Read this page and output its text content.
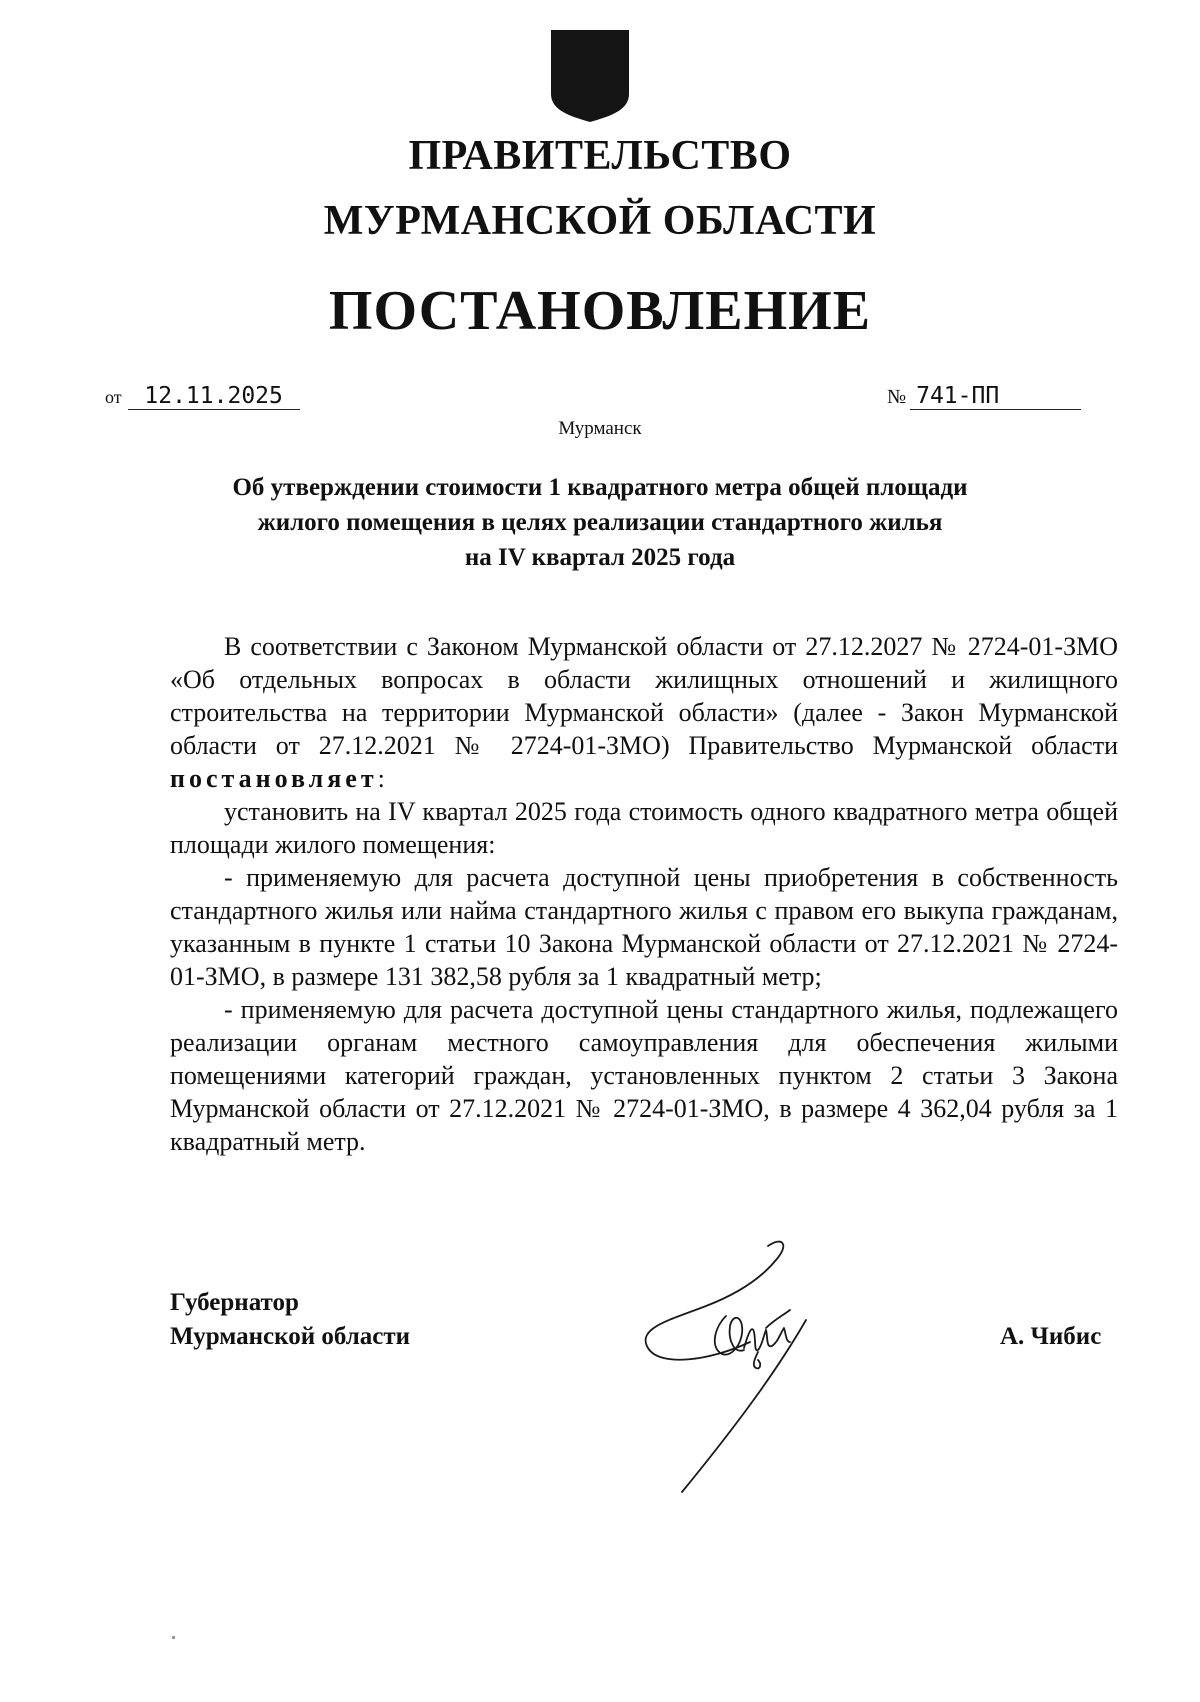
ПРАВИТЕЛЬСТВО
МУРМАНСКОЙ ОБЛАСТИ
ПОСТАНОВЛЕНИЕ
от 12.11.2025	№ 741-ПП
Мурманск
Об утверждении стоимости 1 квадратного метра общей площади
жилого помещения в целях реализации стандартного жилья
на IV квартал 2025 года

В соответствии с Законом Мурманской области от 27.12.2027 № 2724-01-ЗМО «Об отдельных вопросах в области жилищных отношений и жилищного строительства на территории Мурманской области» (далее - Закон Мурманской области от 27.12.2021 № 2724-01-ЗМО) Правительство Мурманской области постановляет:

установить на IV квартал 2025 года стоимость одного квадратного метра общей площади жилого помещения:

- применяемую для расчета доступной цены приобретения в собственность стандартного жилья или найма стандартного жилья с правом его выкупа гражданам, указанным в пункте 1 статьи 10 Закона Мурманской области от 27.12.2021 № 2724-01-ЗМО, в размере 131 382,58 рубля за 1 квадратный метр;

- применяемую для расчета доступной цены стандартного жилья, подлежащего реализации органам местного самоуправления для обеспечения жилыми помещениями категорий граждан, установленных пунктом 2 статьи 3 Закона Мурманской области от 27.12.2021 № 2724-01-ЗМО, в размере 4 362,04 рубля за 1 квадратный метр.

Губернатор
Мурманской области	А. Чибис
